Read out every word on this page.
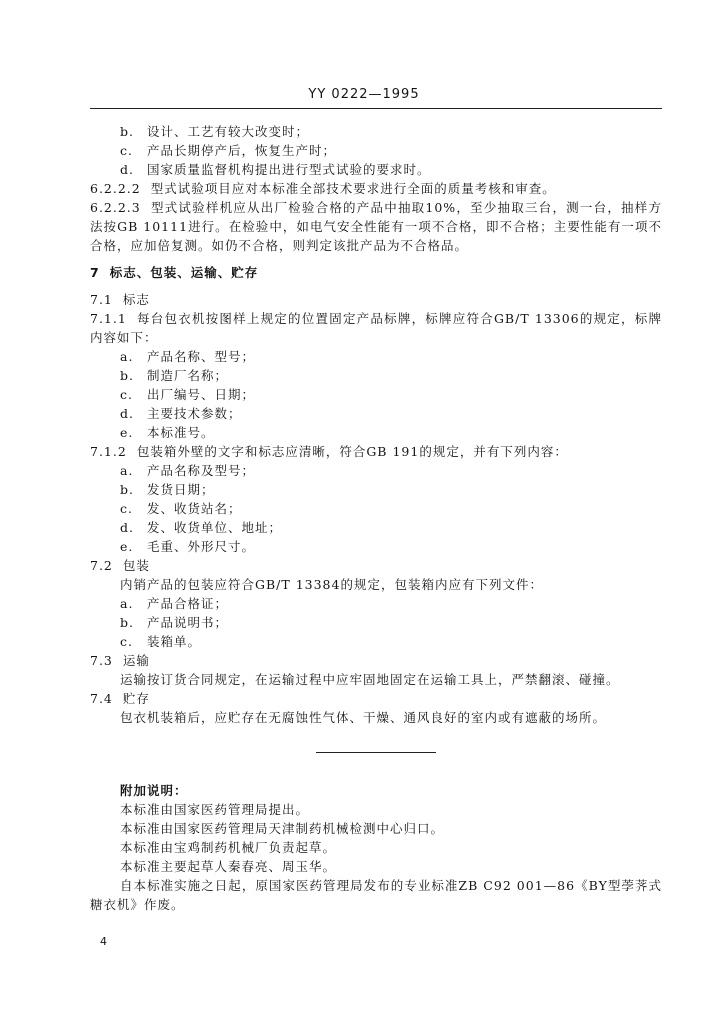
YY 0222—1995
b.	设计、工艺有较大改变时；
c.	产品长期停产后，恢复生产时；
d.	国家质量监督机构提出进行型式试验的要求时。

6.2.2.2 型式试验项目应对本标准全部技术要求进行全面的质量考核和审查。

6.2.2.3 型式试验样机应从出厂检验合格的产品中抽取10%，至少抽取三台，测一台，抽样方法按GB 10111进行。在检验中，如电气安全性能有一项不合格，即不合格；主要性能有一项不合格，应加倍复测。如仍不合格，则判定该批产品为不合格品。

7 标志、包装、运输、贮存

7.1 标志

7.1.1 每台包衣机按图样上规定的位置固定产品标牌，标牌应符合GB/T 13306的规定，标牌内容如下：

a.	产品名称、型号；
b.	制造厂名称；
c.	出厂编号、日期；
d.	主要技术参数；
e.	本标准号。

7.1.2 包装箱外壁的文字和标志应清晰，符合GB 191的规定，并有下列内容：

a.	产品名称及型号；
b.	发货日期；
c.	发、收货站名；
d.	发、收货单位、地址；
e.	毛重、外形尺寸。

7.2 包装

内销产品的包装应符合GB/T 13384的规定，包装箱内应有下列文件：

a.	产品合格证；
b.	产品说明书；
c.	装箱单。

7.3 运输

运输按订货合同规定，在运输过程中应牢固地固定在运输工具上，严禁翻滚、碰撞。

7.4 贮存

包衣机装箱后，应贮存在无腐蚀性气体、干燥、通风良好的室内或有遮蔽的场所。

附加说明：

本标准由国家医药管理局提出。

本标准由国家医药管理局天津制药机械检测中心归口。

本标准由宝鸡制药机械厂负责起草。

本标准主要起草人秦春亮、周玉华。

自本标准实施之日起，原国家医药管理局发布的专业标准ZB C92 001—86《BY型荸荠式糖衣机》作废。

4
